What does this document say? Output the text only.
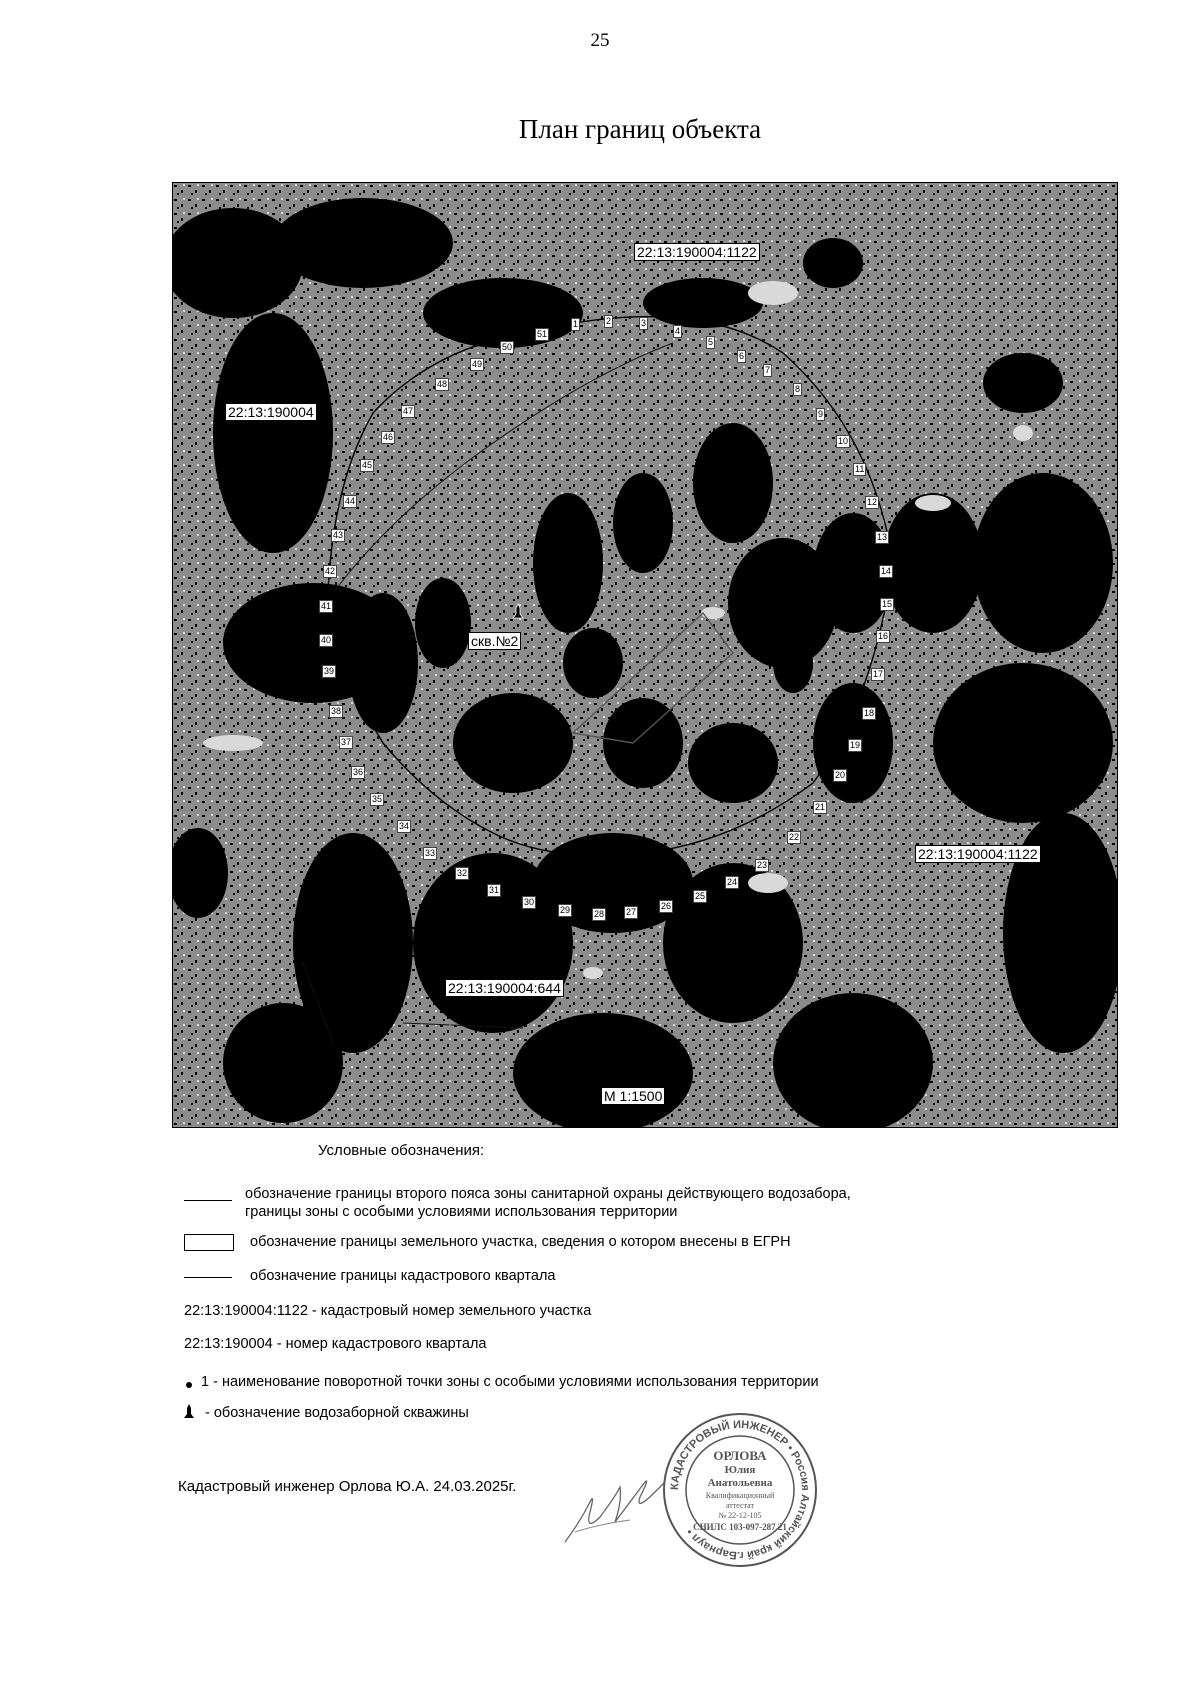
25
План границ объекта
22:13:190004:1122
22:13:190004
22:13:190004:1122
22:13:190004:644
скв.№2
М 1:1500
1	2	3
4
5
6
7
8
9
10
11
12
13
14
15
16
17
18
19
20
21
22
23
24
25
26
27
28
29
30
31
32
33
34
35
36
37
38
39
40
41
42
43
44
45
46
47
48
49
50
51
Условные обозначения:
обозначение границы второго пояса зоны санитарной охраны действующего водозабора,
границы зоны с особыми условиями использования территории
обозначение границы земельного участка, сведения о котором внесены в ЕГРН
обозначение границы кадастрового квартала
22:13:190004:1122 - кадастровый номер земельного участка
22:13:190004 - номер кадастрового квартала
1 - наименование поворотной точки зоны с особыми условиями использования территории
- обозначение водозаборной скважины
Кадастровый инженер Орлова Ю.А. 24.03.2025г.	КАДАСТРОВЫЙ ИНЖЕНЕР • Россия Алтайский край г.Барнаул •
ОРЛОВА
Юлия
Анатольевна
Квалификационный
аттестат
№ 22-12-105
СНИЛС 103-097-287 21
